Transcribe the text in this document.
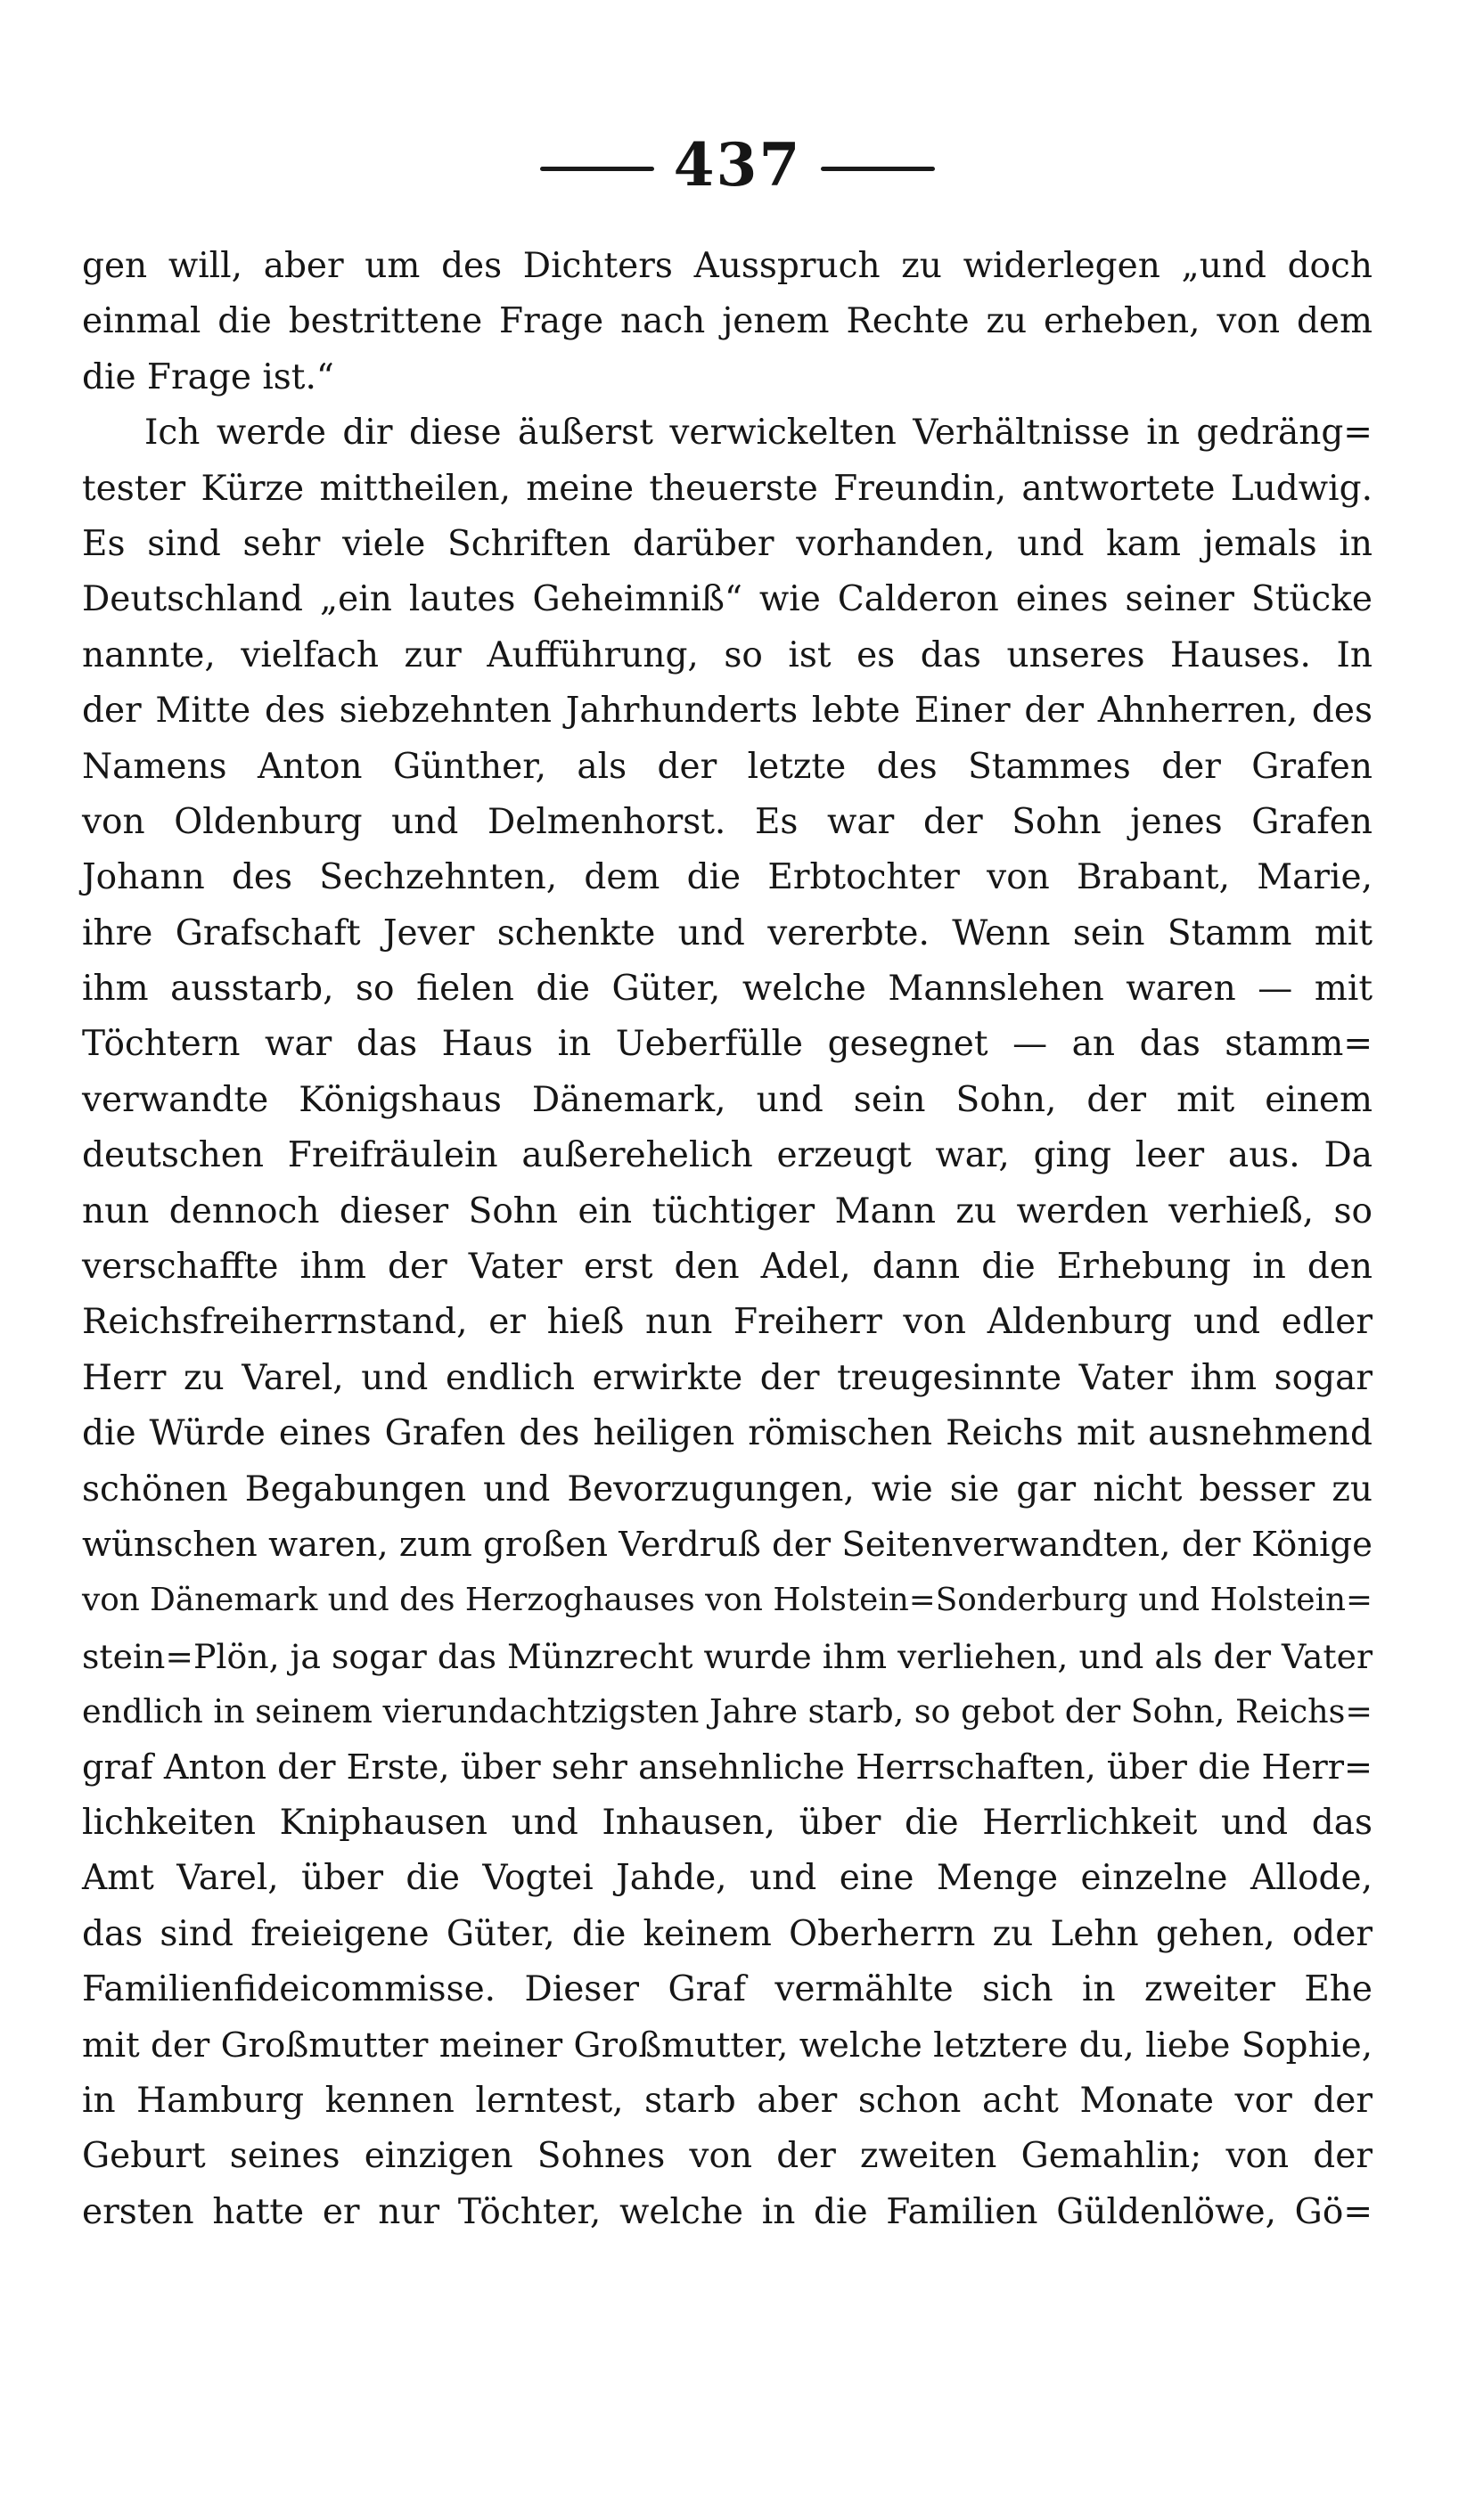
437
gen will, aber um des Dichters Ausspruch zu widerlegen „und doch
einmal die bestrittene Frage nach jenem Rechte zu erheben, von dem
die Frage ist.“
Ich werde dir diese äußerst verwickelten Verhältnisse in gedräng=
tester Kürze mittheilen, meine theuerste Freundin, antwortete Ludwig.
Es sind sehr viele Schriften darüber vorhanden, und kam jemals in
Deutschland „ein lautes Geheimniß“ wie Calderon eines seiner Stücke
nannte, vielfach zur Aufführung, so ist es das unseres Hauses. In
der Mitte des siebzehnten Jahrhunderts lebte Einer der Ahnherren, des
Namens Anton Günther, als der letzte des Stammes der Grafen
von Oldenburg und Delmenhorst. Es war der Sohn jenes Grafen
Johann des Sechzehnten, dem die Erbtochter von Brabant, Marie,
ihre Grafschaft Jever schenkte und vererbte. Wenn sein Stamm mit
ihm ausstarb, so fielen die Güter, welche Mannslehen waren — mit
Töchtern war das Haus in Ueberfülle gesegnet — an das stamm=
verwandte Königshaus Dänemark, und sein Sohn, der mit einem
deutschen Freifräulein außerehelich erzeugt war, ging leer aus. Da
nun dennoch dieser Sohn ein tüchtiger Mann zu werden verhieß, so
verschaffte ihm der Vater erst den Adel, dann die Erhebung in den
Reichsfreiherrnstand, er hieß nun Freiherr von Aldenburg und edler
Herr zu Varel, und endlich erwirkte der treugesinnte Vater ihm sogar
die Würde eines Grafen des heiligen römischen Reichs mit ausnehmend
schönen Begabungen und Bevorzugungen, wie sie gar nicht besser zu
wünschen waren, zum großen Verdruß der Seitenverwandten, der Könige
von Dänemark und des Herzoghauses von Holstein=Sonderburg und Holstein=
stein=Plön, ja sogar das Münzrecht wurde ihm verliehen, und als der Vater
endlich in seinem vierundachtzigsten Jahre starb, so gebot der Sohn, Reichs=
graf Anton der Erste, über sehr ansehnliche Herrschaften, über die Herr=
lichkeiten Kniphausen und Inhausen, über die Herrlichkeit und das
Amt Varel, über die Vogtei Jahde, und eine Menge einzelne Allode,
das sind freieigene Güter, die keinem Oberherrn zu Lehn gehen, oder
Familienfideicommisse. Dieser Graf vermählte sich in zweiter Ehe
mit der Großmutter meiner Großmutter, welche letztere du, liebe Sophie,
in Hamburg kennen lerntest, starb aber schon acht Monate vor der
Geburt seines einzigen Sohnes von der zweiten Gemahlin; von der
ersten hatte er nur Töchter, welche in die Familien Güldenlöwe, Gö=
